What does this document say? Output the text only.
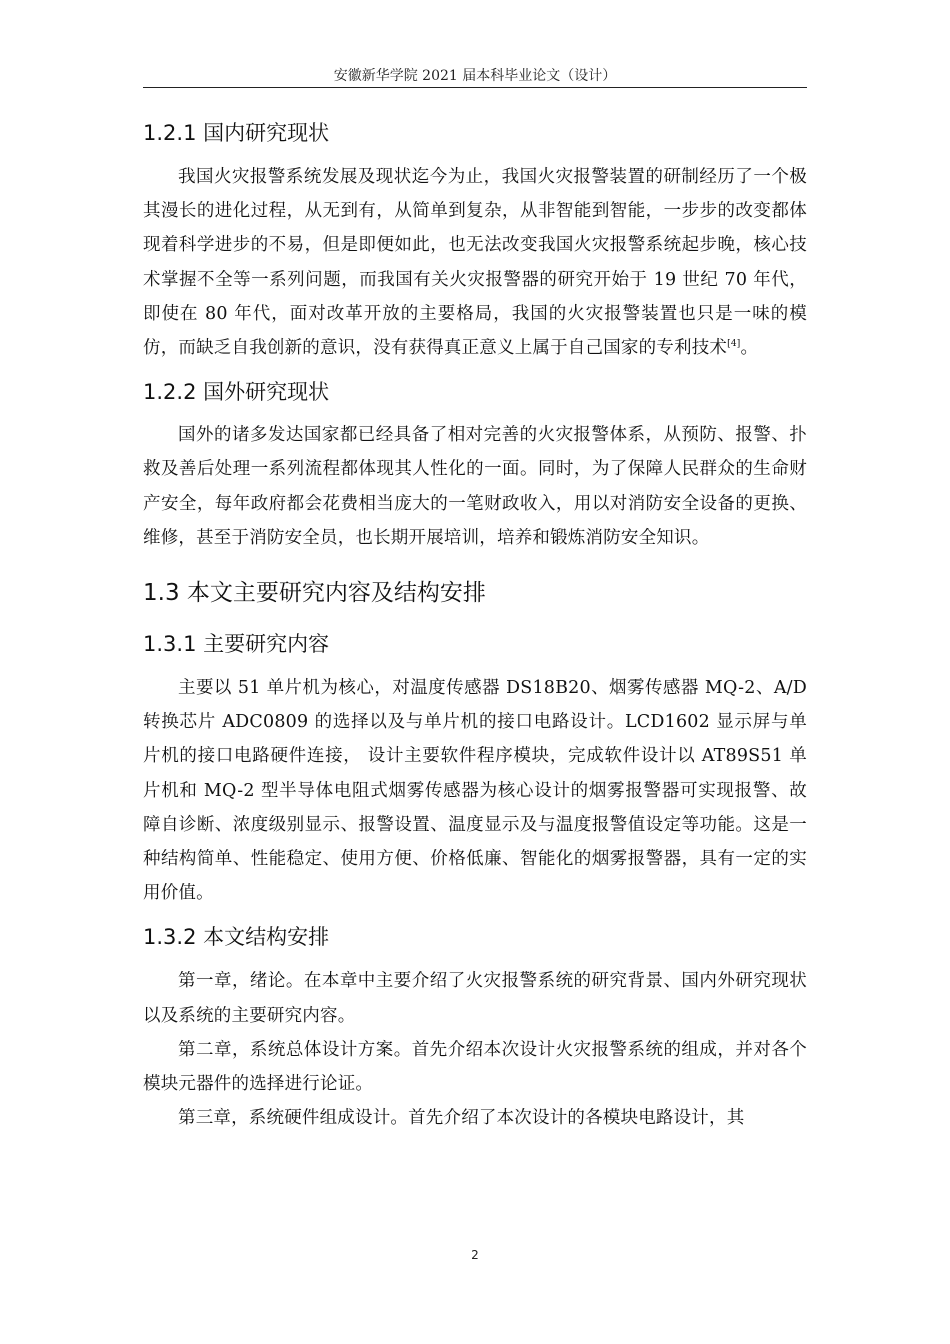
安徽新华学院 2021 届本科毕业论文（设计）
1.2.1 国内研究现状

我国火灾报警系统发展及现状迄今为止，我国火灾报警装置的研制经历了一个极其漫长的进化过程，从无到有，从简单到复杂，从非智能到智能，一步步的改变都体现着科学进步的不易，但是即便如此，也无法改变我国火灾报警系统起步晚，核心技术掌握不全等一系列问题，而我国有关火灾报警器的研究开始于 19 世纪 70 年代，即使在 80 年代，面对改革开放的主要格局，我国的火灾报警装置也只是一味的模仿，而缺乏自我创新的意识，没有获得真正意义上属于自己国家的专利技术[4]。

1.2.2 国外研究现状

国外的诸多发达国家都已经具备了相对完善的火灾报警体系，从预防、报警、扑救及善后处理一系列流程都体现其人性化的一面。同时，为了保障人民群众的生命财产安全，每年政府都会花费相当庞大的一笔财政收入，用以对消防安全设备的更换、维修，甚至于消防安全员，也长期开展培训，培养和锻炼消防安全知识。

1.3 本文主要研究内容及结构安排
1.3.1 主要研究内容

主要以 51 单片机为核心，对温度传感器 DS18B20、烟雾传感器 MQ-2、A/D 转换芯片 ADC0809 的选择以及与单片机的接口电路设计。LCD1602 显示屏与单片机的接口电路硬件连接， 设计主要软件程序模块，完成软件设计以 AT89S51 单片机和 MQ-2 型半导体电阻式烟雾传感器为核心设计的烟雾报警器可实现报警、故障自诊断、浓度级别显示、报警设置、温度显示及与温度报警值设定等功能。这是一种结构简单、性能稳定、使用方便、价格低廉、智能化的烟雾报警器，具有一定的实用价值。

1.3.2 本文结构安排

第一章，绪论。在本章中主要介绍了火灾报警系统的研究背景、国内外研究现状以及系统的主要研究内容。

第二章，系统总体设计方案。首先介绍本次设计火灾报警系统的组成，并对各个模块元器件的选择进行论证。

第三章，系统硬件组成设计。首先介绍了本次设计的各模块电路设计，其

2
